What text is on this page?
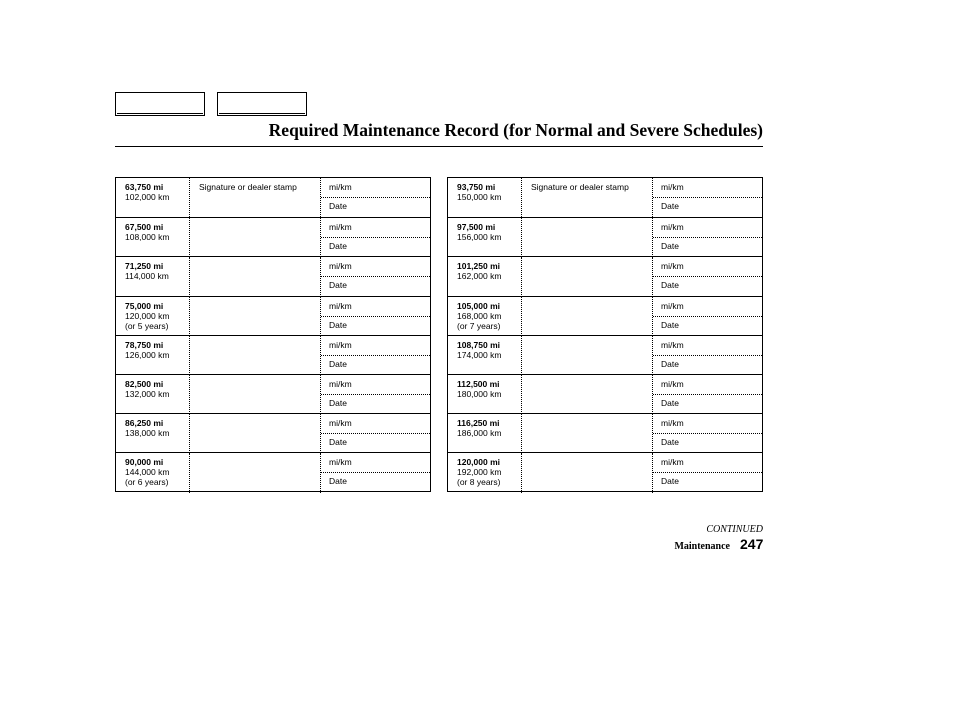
Required Maintenance Record (for Normal and Severe Schedules)
63,750 mi
102,000 km
Signature or dealer stamp	mi/km
Date
67,500 mi
108,000 km
mi/km
Date
71,250 mi
114,000 km
mi/km
Date
75,000 mi
120,000 km
(or 5 years)
mi/km
Date
78,750 mi
126,000 km
mi/km
Date
82,500 mi
132,000 km
mi/km
Date
86,250 mi
138,000 km
mi/km
Date
90,000 mi
144,000 km
(or 6 years)
mi/km
Date
93,750 mi
150,000 km
Signature or dealer stamp	mi/km
Date
97,500 mi
156,000 km
mi/km
Date
101,250 mi
162,000 km
mi/km
Date
105,000 mi
168,000 km
(or 7 years)
mi/km
Date
108,750 mi
174,000 km
mi/km
Date
112,500 mi
180,000 km
mi/km
Date
116,250 mi
186,000 km
mi/km
Date
120,000 mi
192,000 km
(or 8 years)
mi/km
Date
CONTINUED
Maintenance 247
